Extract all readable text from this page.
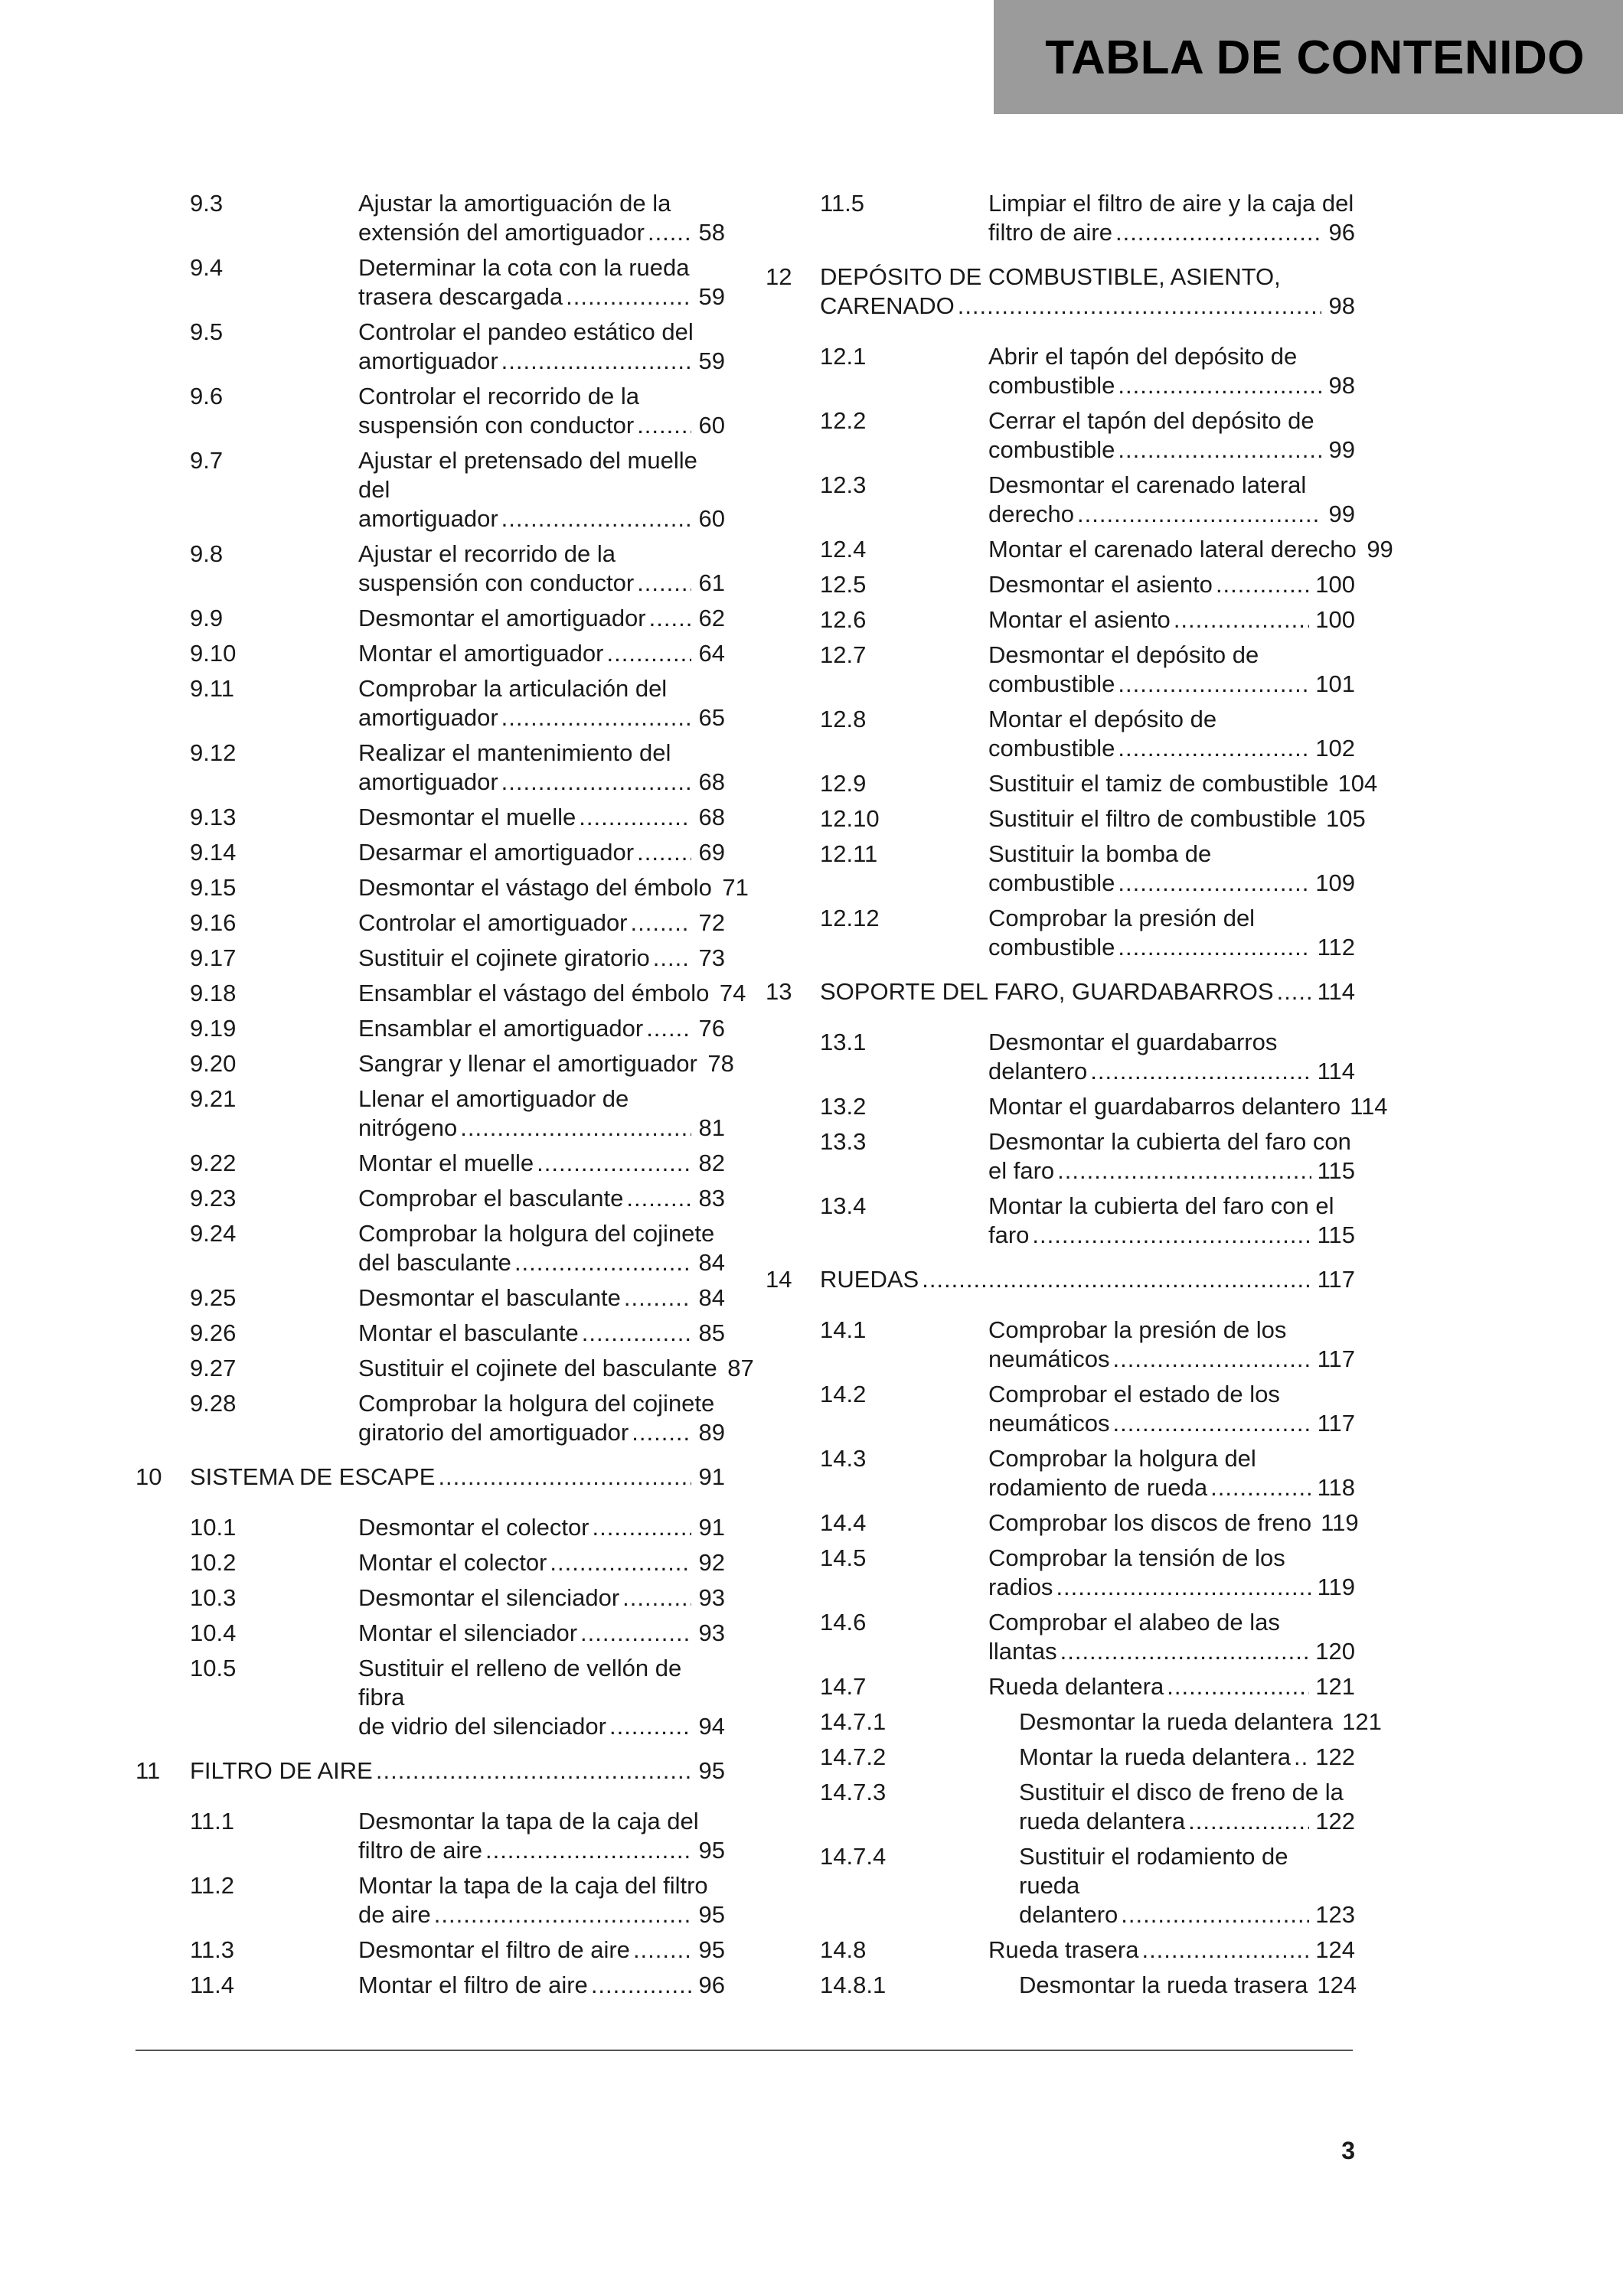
TABLA DE CONTENIDO
9.3	Ajustar la amortiguación de la
extensión del amortiguador ..... 58
9.4	Determinar la cota con la rueda
trasera descargada .....	59
9.5	Controlar el pandeo estático del
amortiguador .....	59
9.6	Controlar el recorrido de la
suspensión con conductor .....	60
9.7	Ajustar el pretensado del muelle del
amortiguador .....	60
9.8	Ajustar el recorrido de la
suspensión con conductor .....	61
9.9	Desmontar el amortiguador ..... 62
9.10	Montar el amortiguador .....	64
9.11	Comprobar la articulación del
amortiguador .....	65
9.12	Realizar el mantenimiento del
amortiguador .....	68
9.13	Desmontar el muelle .....	68
9.14	Desarmar el amortiguador .....	69
9.15	Desmontar el vástago del émbolo 71
9.16	Controlar el amortiguador .....	72
9.17	Sustituir el cojinete giratorio ..... 73
9.18	Ensamblar el vástago del émbolo 74
9.19	Ensamblar el amortiguador ..... 76
9.20	Sangrar y llenar el amortiguador 78
9.21	Llenar el amortiguador de
nitrógeno .....	81
9.22	Montar el muelle .....	82
9.23	Comprobar el basculante .....	83
9.24	Comprobar la holgura del cojinete
del basculante .....	84
9.25	Desmontar el basculante .....	84
9.26	Montar el basculante .....	85
9.27	Sustituir el cojinete del basculante 87
9.28	Comprobar la holgura del cojinete
giratorio del amortiguador .....	89
10 SISTEMA DE ESCAPE .....	91
10.1	Desmontar el colector .....	91
10.2	Montar el colector .....	92
10.3	Desmontar el silenciador .....	93
10.4	Montar el silenciador .....	93
10.5	Sustituir el relleno de vellón de fibra
de vidrio del silenciador .....	94
11 FILTRO DE AIRE .....	95
11.1	Desmontar la tapa de la caja del
filtro de aire .....	95
11.2	Montar la tapa de la caja del filtro
de aire .....	95
11.3	Desmontar el filtro de aire .....	95
11.4	Montar el filtro de aire .....	96
11.5	Limpiar el filtro de aire y la caja del
filtro de aire .....	96
12 DEPÓSITO DE COMBUSTIBLE, ASIENTO,
CARENADO .....	98
12.1	Abrir el tapón del depósito de
combustible .....	98
12.2	Cerrar el tapón del depósito de
combustible .....	99
12.3	Desmontar el carenado lateral
derecho .....	99
12.4	Montar el carenado lateral derecho 99
12.5	Desmontar el asiento .....	100
12.6	Montar el asiento .....	100
12.7	Desmontar el depósito de
combustible .....	101
12.8	Montar el depósito de
combustible .....	102
12.9	Sustituir el tamiz de combustible 104
12.10	Sustituir el filtro de combustible 105
12.11	Sustituir la bomba de
combustible .....	109
12.12	Comprobar la presión del
combustible .....	112
13 SOPORTE DEL FARO, GUARDABARROS ..... 114
13.1	Desmontar el guardabarros
delantero .....	114
13.2	Montar el guardabarros delantero 114
13.3	Desmontar la cubierta del faro con
el faro .....	115
13.4	Montar la cubierta del faro con el
faro .....	115
14 RUEDAS .....	117
14.1	Comprobar la presión de los
neumáticos .....	117
14.2	Comprobar el estado de los
neumáticos .....	117
14.3	Comprobar la holgura del
rodamiento de rueda .....	118
14.4	Comprobar los discos de freno 119
14.5	Comprobar la tensión de los
radios .....	119
14.6	Comprobar el alabeo de las
llantas .....	120
14.7	Rueda delantera .....	121
14.7.1	Desmontar la rueda delantera 121
14.7.2	Montar la rueda delantera ..... 122
14.7.3	Sustituir el disco de freno de la
rueda delantera .....	122
14.7.4	Sustituir el rodamiento de rueda
delantero .....	123
14.8	Rueda trasera .....	124
14.8.1	Desmontar la rueda trasera 124
3
